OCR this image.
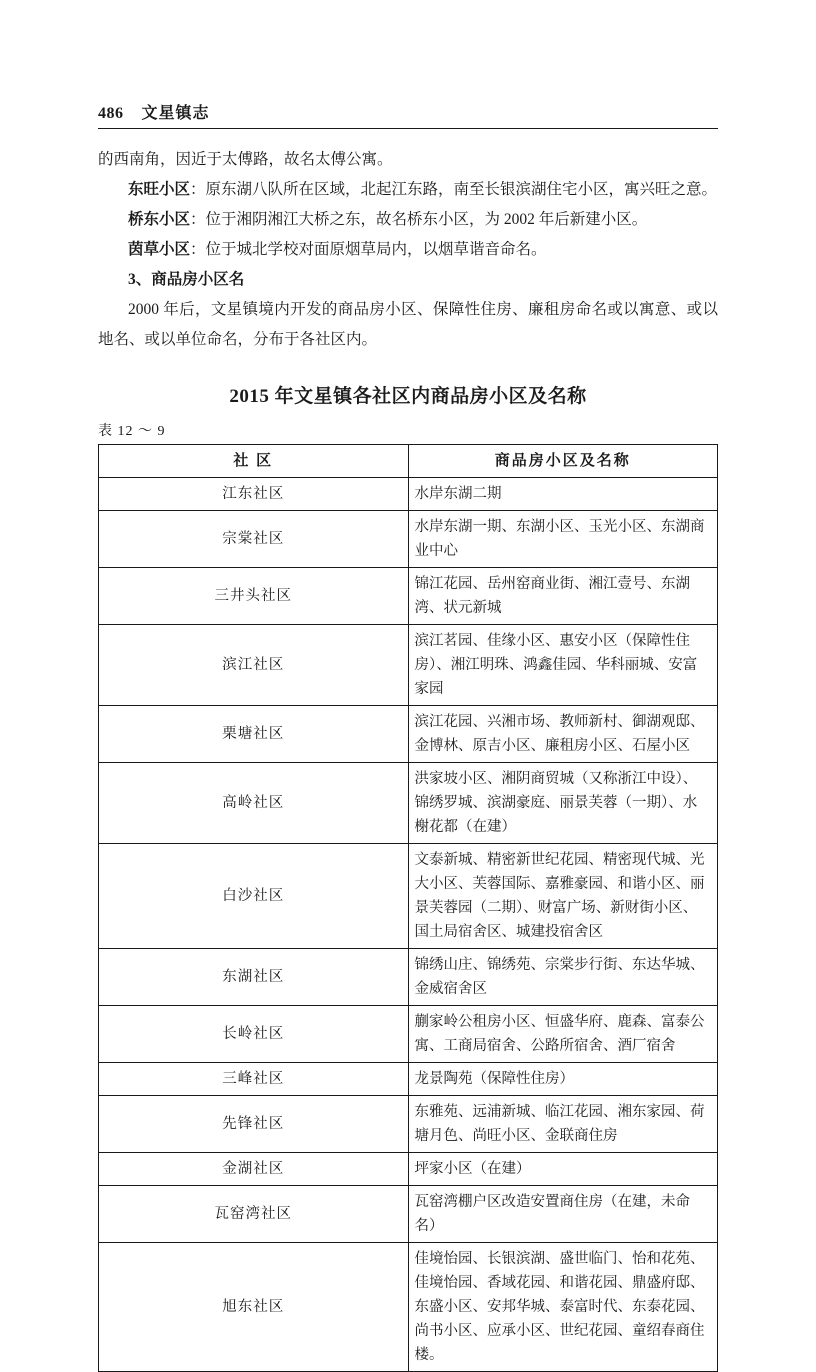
486 文星镇志

的西南角，因近于太傅路，故名太傅公寓。

东旺小区：原东湖八队所在区域，北起江东路，南至长银滨湖住宅小区，寓兴旺之意。

桥东小区：位于湘阴湘江大桥之东，故名桥东小区，为 2002 年后新建小区。

茵草小区：位于城北学校对面原烟草局内，以烟草谐音命名。

3、商品房小区名

2000 年后，文星镇境内开发的商品房小区、保障性住房、廉租房命名或以寓意、或以地名、或以单位命名，分布于各社区内。

2015 年文星镇各社区内商品房小区及名称
表 12 ～ 9
社 区	商品房小区及名称
江东社区	水岸东湖二期
宗棠社区	水岸东湖一期、东湖小区、玉光小区、东湖商业中心
三井头社区	锦江花园、岳州窑商业街、湘江壹号、东湖湾、状元新城
滨江社区	滨江茗园、佳缘小区、惠安小区（保障性住房）、湘江明珠、鸿鑫佳园、华科丽城、安富家园
栗塘社区	滨江花园、兴湘市场、教师新村、御湖观邸、金博林、原吉小区、廉租房小区、石屋小区
高岭社区	洪家坡小区、湘阴商贸城（又称浙江中设）、锦绣罗城、滨湖豪庭、丽景芙蓉（一期）、水榭花都（在建）
白沙社区	文泰新城、精密新世纪花园、精密现代城、光大小区、芙蓉国际、嘉雅豪园、和谐小区、丽景芙蓉园（二期）、财富广场、新财街小区、国土局宿舍区、城建投宿舍区
东湖社区	锦绣山庄、锦绣苑、宗棠步行街、东达华城、金威宿舍区
长岭社区	蒯家岭公租房小区、恒盛华府、鹿森、富泰公寓、工商局宿舍、公路所宿舍、酒厂宿舍
三峰社区	龙景陶苑（保障性住房）
先锋社区	东雅苑、远浦新城、临江花园、湘东家园、荷塘月色、尚旺小区、金联商住房
金湖社区	坪家小区（在建）
瓦窑湾社区	瓦窑湾棚户区改造安置商住房（在建，未命名）
旭东社区	佳境怡园、长银滨湖、盛世临门、怡和花苑、佳境怡园、香域花园、和谐花园、鼎盛府邸、东盛小区、安邦华城、泰富时代、东泰花园、尚书小区、应承小区、世纪花园、童绍春商住楼。
